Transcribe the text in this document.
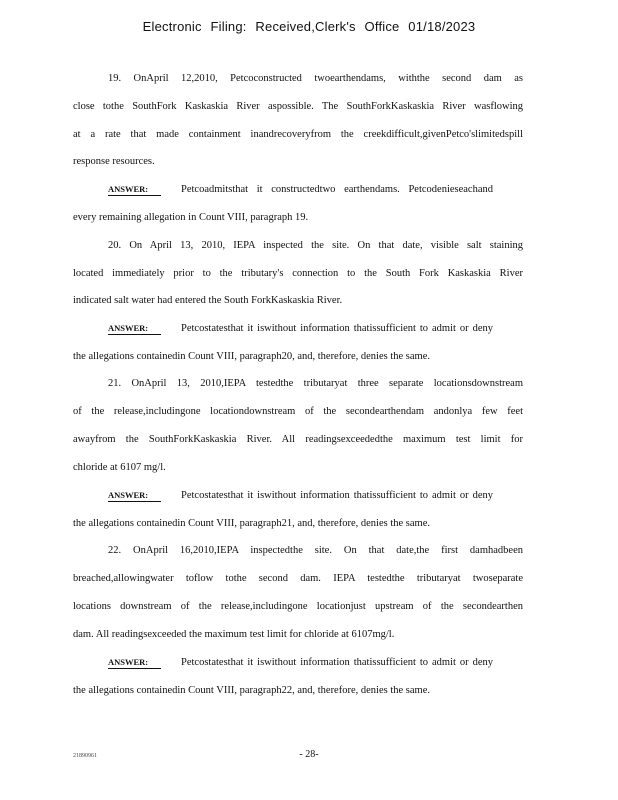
Electronic Filing: Received,Clerk's Office 01/18/2023
19. OnApril 12,2010, Petcoconstructed twoearthendams, withthe second dam as
close tothe SouthFork Kaskaskia River aspossible. The SouthForkKaskaskia River wasflowing
at a rate that made containment inandrecoveryfrom the creekdifficult,givenPetco'slimitedspill
response resources.
ANSWER:	Petcoadmitsthat it constructedtwo earthendams. Petcodenieseachand
every remaining allegation in Count VIII, paragraph 19.
20. On April 13, 2010, IEPA inspected the site. On that date, visible salt staining
located immediately prior to the tributary's connection to the South Fork Kaskaskia River
indicated salt water had entered the South ForkKaskaskia River.
ANSWER:	Petcostatesthat it iswithout information thatissufficient to admit or deny
the allegations containedin Count VIII, paragraph20, and, therefore, denies the same.
21. OnApril 13, 2010,IEPA testedthe tributaryat three separate locationsdownstream
of the release,includingone locationdownstream of the secondearthendam andonlya few feet
awayfrom the SouthForkKaskaskia River. All readingsexceededthe maximum test limit for
chloride at 6107 mg/l.
ANSWER:	Petcostatesthat it iswithout information thatissufficient to admit or deny
the allegations containedin Count VIII, paragraph21, and, therefore, denies the same.
22. OnApril 16,2010,IEPA inspectedthe site. On that date,the first damhadbeen
breached,allowingwater toflow tothe second dam. IEPA testedthe tributaryat twoseparate
locations downstream of the release,includingone locationjust upstream of the secondearthen
dam. All readingsexceeded the maximum test limit for chloride at 6107mg/l.
ANSWER:	Petcostatesthat it iswithout information thatissufficient to admit or deny
the allegations containedin Count VIII, paragraph22, and, therefore, denies the same.
21890961	- 28-
